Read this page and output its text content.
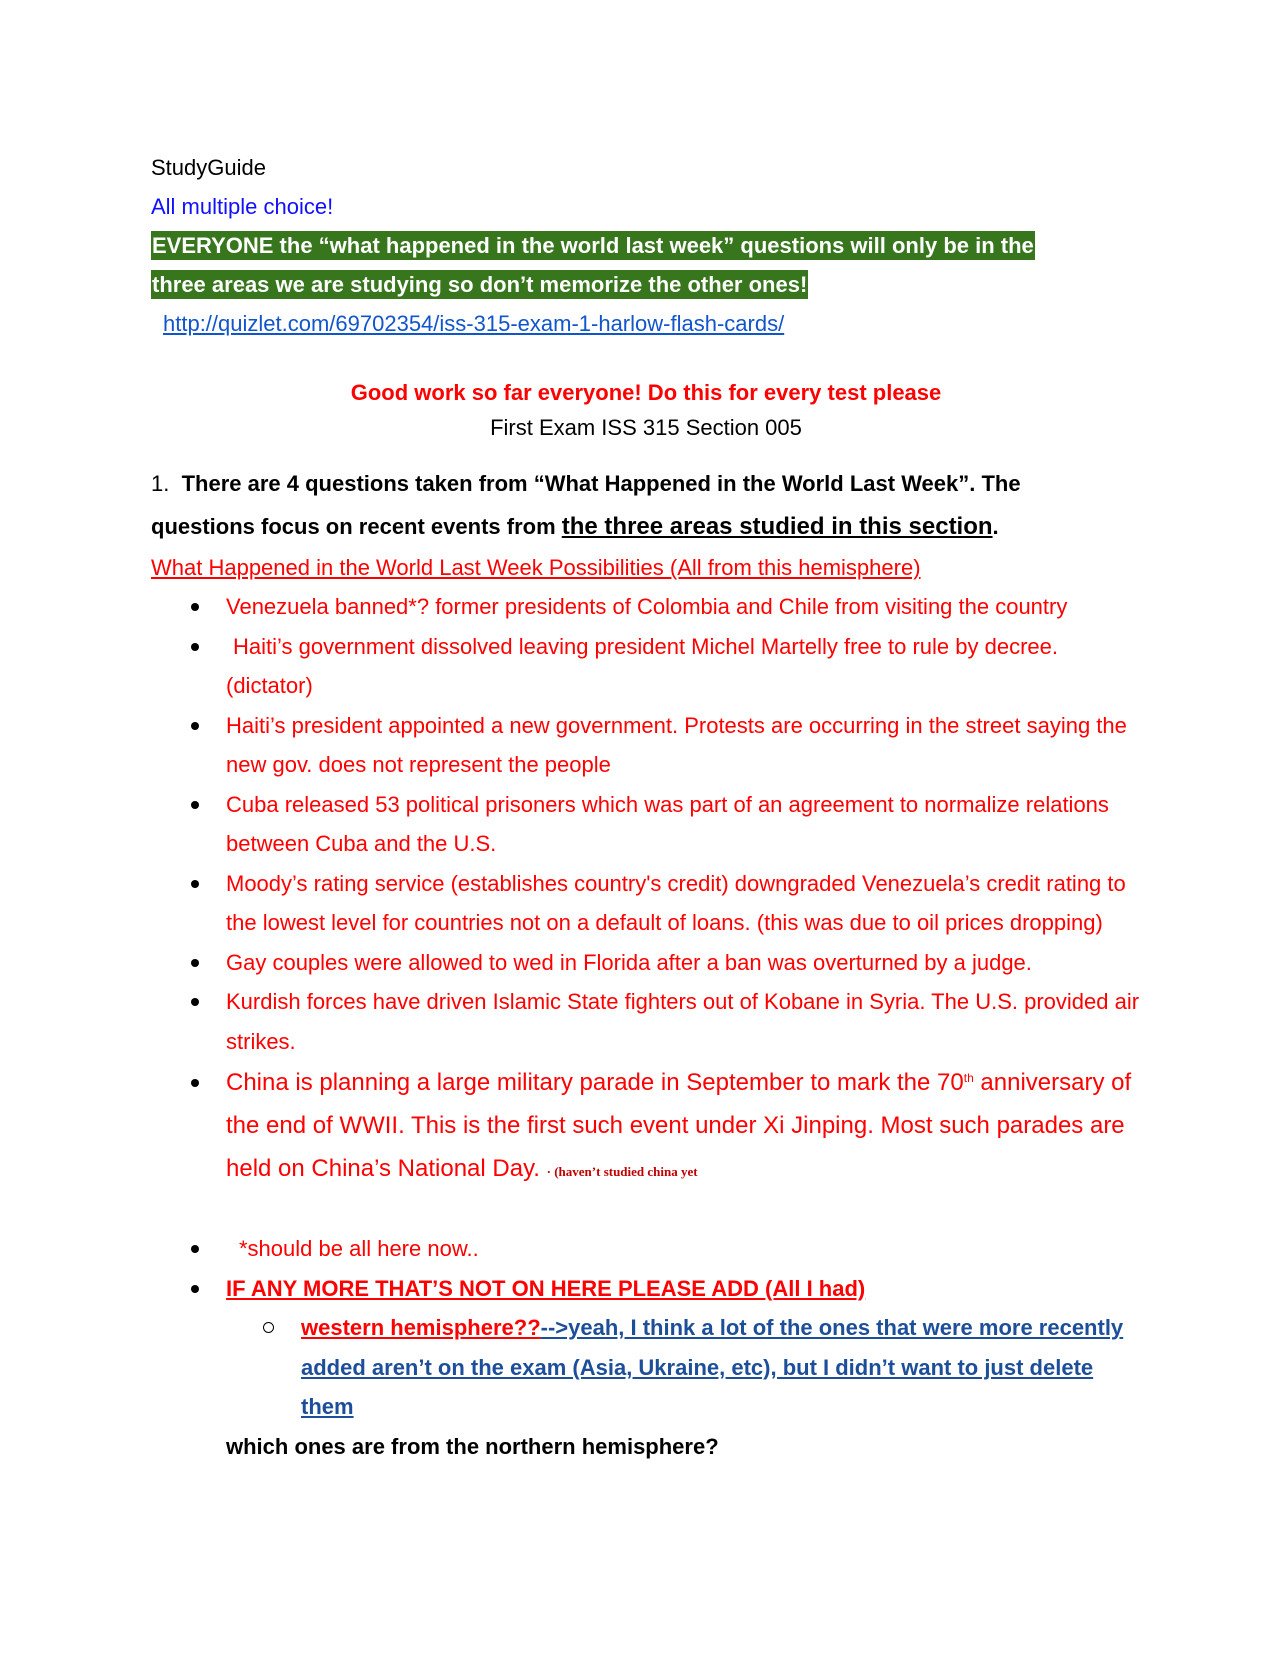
StudyGuide

All multiple choice!

EVERYONE the “what happened in the world last week” questions will only be in the

three areas we are studying so don’t memorize the other ones!

http://quizlet.com/69702354/iss-315-exam-1-harlow-flash-cards/

Good work so far everyone! Do this for every test please

First Exam ISS 315 Section 005

1. There are 4 questions taken from “What Happened in the World Last Week”. The
questions focus on recent events from the three areas studied in this section.

What Happened in the World Last Week Possibilities (All from this hemisphere)

Venezuela banned*? former presidents of Colombia and Chile from visiting the country
Haiti’s government dissolved leaving president Michel Martelly free to rule by decree. (dictator)
Haiti’s president appointed a new government. Protests are occurring in the street saying the new gov. does not represent the people
Cuba released 53 political prisoners which was part of an agreement to normalize relations between Cuba and the U.S.
Moody’s rating service (establishes country's credit) downgraded Venezuela’s credit rating to the lowest level for countries not on a default of loans. (this was due to oil prices dropping)
Gay couples were allowed to wed in Florida after a ban was overturned by a judge.
Kurdish forces have driven Islamic State fighters out of Kobane in Syria. The U.S. provided air strikes.
China is planning a large military parade in September to mark the 70th anniversary of the end of WWII. This is the first such event under Xi Jinping. Most such parades are held on China’s National Day. · (haven’t studied china yet
*should be all here now..
IF ANY MORE THAT’S NOT ON HERE PLEASE ADD (All I had)
western hemisphere??-->yeah, I think a lot of the ones that were more recently added aren’t on the exam (Asia, Ukraine, etc), but I didn’t want to just delete them

which ones are from the northern hemisphere?
